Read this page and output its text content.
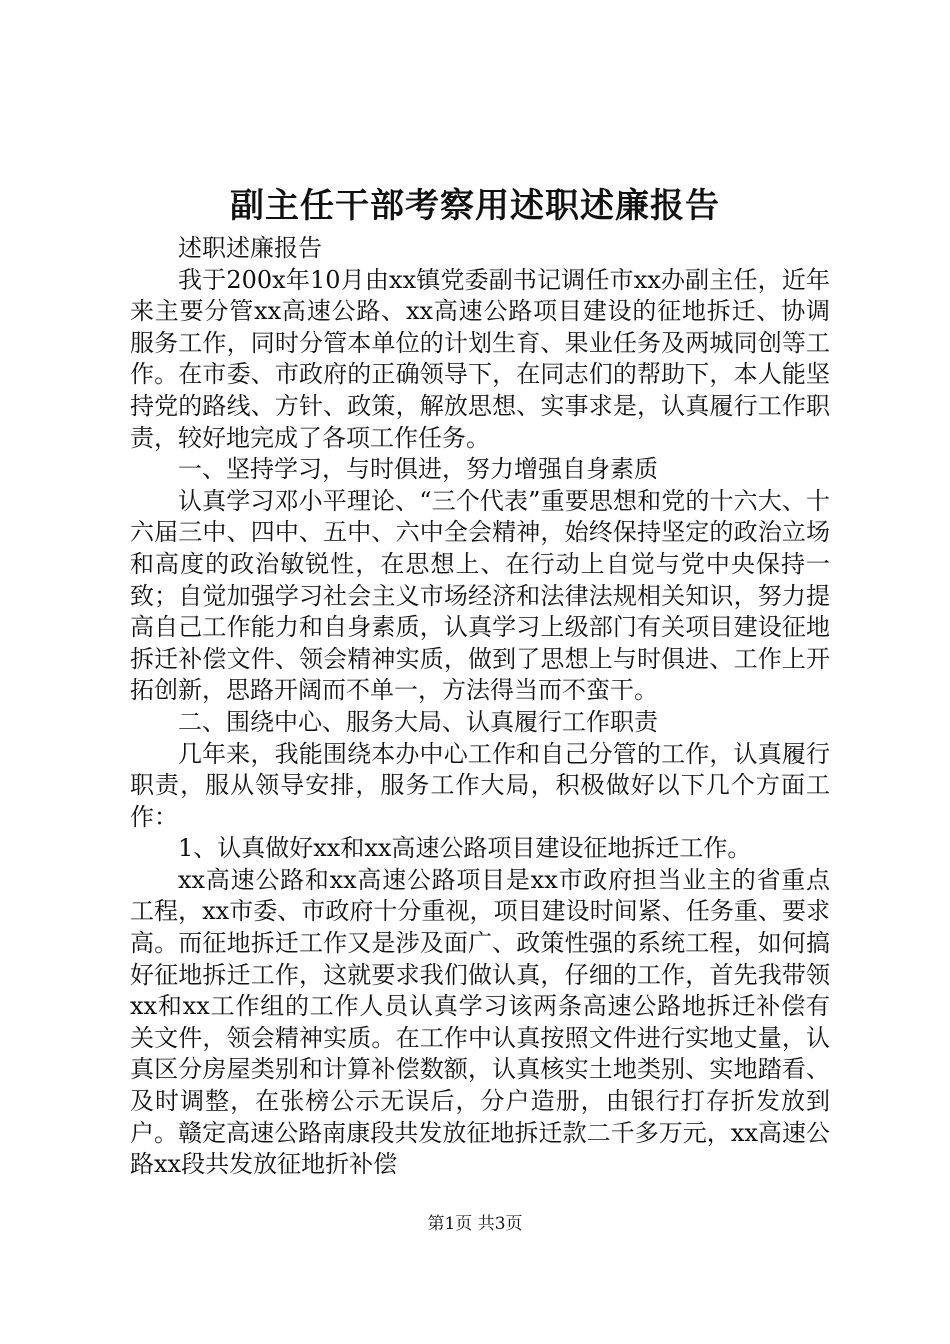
副主任干部考察用述职述廉报告

述职述廉报告

我于200x年10月由xx镇党委副书记调任市xx办副主任，近年来主要分管xx高速公路、xx高速公路项目建设的征地拆迁、协调服务工作，同时分管本单位的计划生育、果业任务及两城同创等工作。在市委、市政府的正确领导下，在同志们的帮助下，本人能坚持党的路线、方针、政策，解放思想、实事求是，认真履行工作职责，较好地完成了各项工作任务。

一、坚持学习，与时俱进，努力增强自身素质

认真学习邓小平理论、“三个代表”重要思想和党的十六大、十六届三中、四中、五中、六中全会精神，始终保持坚定的政治立场和高度的政治敏锐性，在思想上、在行动上自觉与党中央保持一致；自觉加强学习社会主义市场经济和法律法规相关知识，努力提高自己工作能力和自身素质，认真学习上级部门有关项目建设征地拆迁补偿文件、领会精神实质，做到了思想上与时俱进、工作上开拓创新，思路开阔而不单一，方法得当而不蛮干。

二、围绕中心、服务大局、认真履行工作职责

几年来，我能围绕本办中心工作和自己分管的工作，认真履行职责，服从领导安排，服务工作大局，积极做好以下几个方面工作：

1、认真做好xx和xx高速公路项目建设征地拆迁工作。

xx高速公路和xx高速公路项目是xx市政府担当业主的省重点工程，xx市委、市政府十分重视，项目建设时间紧、任务重、要求高。而征地拆迁工作又是涉及面广、政策性强的系统工程，如何搞好征地拆迁工作，这就要求我们做认真，仔细的工作，首先我带领xx和xx工作组的工作人员认真学习该两条高速公路地拆迁补偿有关文件，领会精神实质。在工作中认真按照文件进行实地丈量，认真区分房屋类别和计算补偿数额，认真核实土地类别、实地踏看、及时调整，在张榜公示无误后，分户造册，由银行打存折发放到户。赣定高速公路南康段共发放征地拆迁款二千多万元，xx高速公路xx段共发放征地折补偿

第1页 共3页
